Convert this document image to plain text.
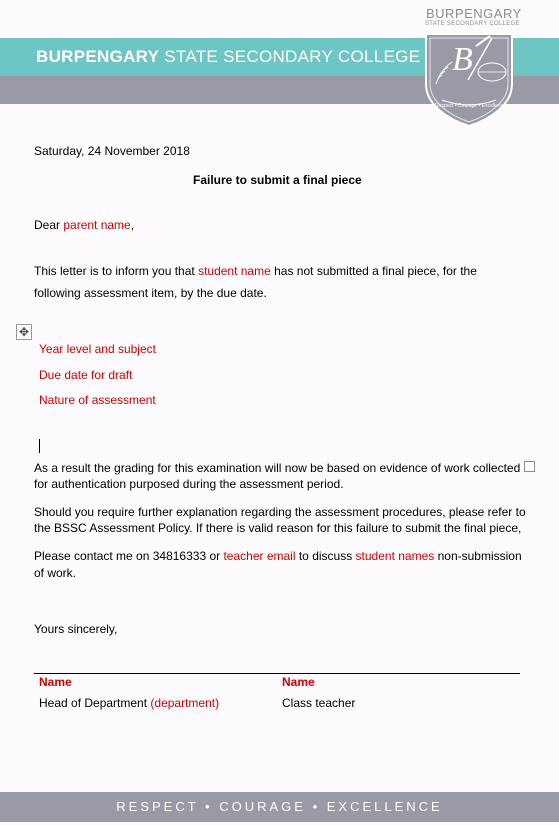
BURPENGARY STATE SECONDARY COLLEGE
BURPENGARY
STATE SECONDARY COLLEGE
B
• Respect • Courage • Excellence
Saturday, 24 November 2018
Failure to submit a final piece
Dear parent name,
This letter is to inform you that student name has not submitted a final piece, for the
following assessment item, by the due date.
✥
Year level and subject
Due date for draft
Nature of assessment
As a result the grading for this examination will now be based on evidence of work collected
for authentication purposed during the assessment period.
Should you require further explanation regarding the assessment procedures, please refer to
the BSSC Assessment Policy. If there is valid reason for this failure to submit the final piece,
Please contact me on 34816333 or teacher email to discuss student names non-submission
of work.
Yours sincerely,
Name	Name
Head of Department (department)	Class teacher
RESPECT • COURAGE • EXCELLENCE
